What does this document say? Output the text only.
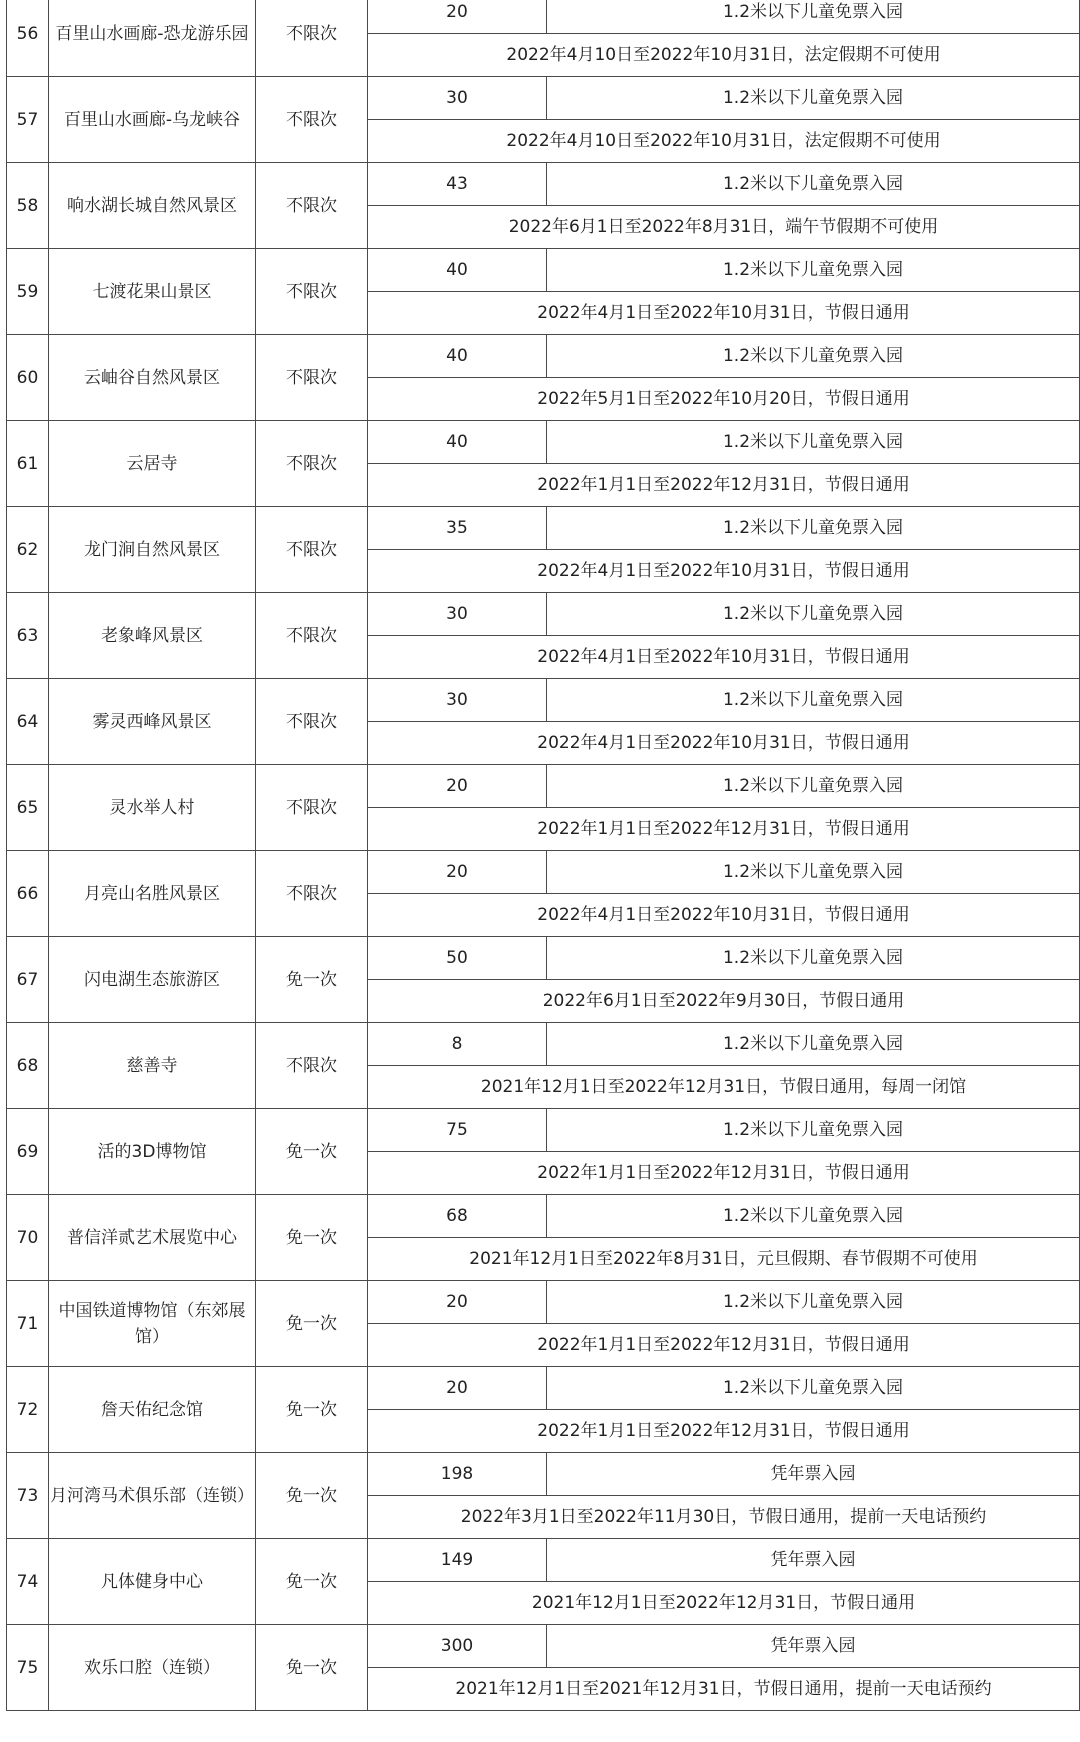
56	百里山水画廊-恐龙游乐园	不限次	20	1.2米以下儿童免票入园
			2022年4月10日至2022年10月31日，法定假期不可使用	
57	百里山水画廊-乌龙峡谷	不限次	30	1.2米以下儿童免票入园
			2022年4月10日至2022年10月31日，法定假期不可使用	
58	响水湖长城自然风景区	不限次	43	1.2米以下儿童免票入园
			2022年6月1日至2022年8月31日，端午节假期不可使用	
59	七渡花果山景区	不限次	40	1.2米以下儿童免票入园
			2022年4月1日至2022年10月31日，节假日通用	
60	云岫谷自然风景区	不限次	40	1.2米以下儿童免票入园
			2022年5月1日至2022年10月20日，节假日通用	
61	云居寺	不限次	40	1.2米以下儿童免票入园
			2022年1月1日至2022年12月31日，节假日通用	
62	龙门涧自然风景区	不限次	35	1.2米以下儿童免票入园
			2022年4月1日至2022年10月31日，节假日通用	
63	老象峰风景区	不限次	30	1.2米以下儿童免票入园
			2022年4月1日至2022年10月31日，节假日通用	
64	雾灵西峰风景区	不限次	30	1.2米以下儿童免票入园
			2022年4月1日至2022年10月31日，节假日通用	
65	灵水举人村	不限次	20	1.2米以下儿童免票入园
			2022年1月1日至2022年12月31日，节假日通用	
66	月亮山名胜风景区	不限次	20	1.2米以下儿童免票入园
			2022年4月1日至2022年10月31日，节假日通用	
67	闪电湖生态旅游区	免一次	50	1.2米以下儿童免票入园
			2022年6月1日至2022年9月30日，节假日通用	
68	慈善寺	不限次	8	1.2米以下儿童免票入园
			2021年12月1日至2022年12月31日，节假日通用，每周一闭馆	
69	活的3D博物馆	免一次	75	1.2米以下儿童免票入园
			2022年1月1日至2022年12月31日，节假日通用	
70	普信洋贰艺术展览中心	免一次	68	1.2米以下儿童免票入园
			2021年12月1日至2022年8月31日，元旦假期、春节假期不可使用	
71	中国铁道博物馆（东郊展馆）	免一次	20	1.2米以下儿童免票入园
			2022年1月1日至2022年12月31日，节假日通用	
72	詹天佑纪念馆	免一次	20	1.2米以下儿童免票入园
			2022年1月1日至2022年12月31日，节假日通用	
73	月河湾马术俱乐部（连锁）	免一次	198	凭年票入园
			2022年3月1日至2022年11月30日，节假日通用，提前一天电话预约	
74	凡体健身中心	免一次	149	凭年票入园
			2021年12月1日至2022年12月31日，节假日通用	
75	欢乐口腔（连锁）	免一次	300	凭年票入园
			2021年12月1日至2021年12月31日，节假日通用，提前一天电话预约	
